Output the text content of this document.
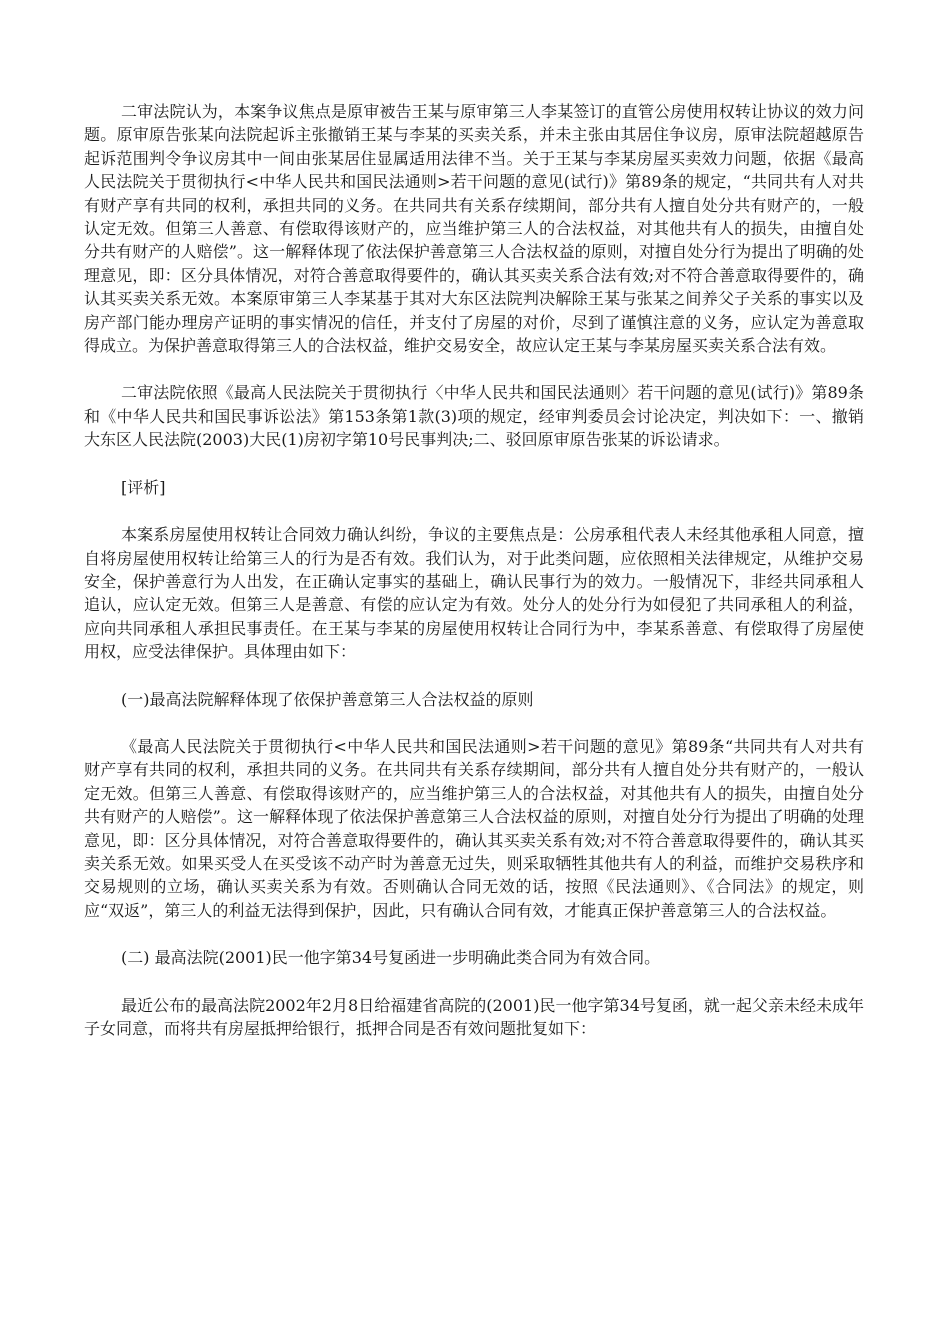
二审法院认为，本案争议焦点是原审被告王某与原审第三人李某签订的直管公房使用权转让协议的效力问题。原审原告张某向法院起诉主张撤销王某与李某的买卖关系，并未主张由其居住争议房，原审法院超越原告起诉范围判令争议房其中一间由张某居住显属适用法律不当。关于王某与李某房屋买卖效力问题，依据《最高人民法院关于贯彻执行<中华人民共和国民法通则>若干问题的意见(试行)》第89条的规定，“共同共有人对共有财产享有共同的权利，承担共同的义务。在共同共有关系存续期间，部分共有人擅自处分共有财产的，一般认定无效。但第三人善意、有偿取得该财产的，应当维护第三人的合法权益，对其他共有人的损失，由擅自处分共有财产的人赔偿”。这一解释体现了依法保护善意第三人合法权益的原则，对擅自处分行为提出了明确的处理意见，即：区分具体情况，对符合善意取得要件的，确认其买卖关系合法有效;对不符合善意取得要件的，确认其买卖关系无效。本案原审第三人李某基于其对大东区法院判决解除王某与张某之间养父子关系的事实以及房产部门能办理房产证明的事实情况的信任，并支付了房屋的对价，尽到了谨慎注意的义务，应认定为善意取得成立。为保护善意取得第三人的合法权益，维护交易安全，故应认定王某与李某房屋买卖关系合法有效。

二审法院依照《最高人民法院关于贯彻执行〈中华人民共和国民法通则〉若干问题的意见(试行)》第89条和《中华人民共和国民事诉讼法》第153条第1款(3)项的规定，经审判委员会讨论决定，判决如下：一、撤销大东区人民法院(2003)大民(1)房初字第10号民事判决;二、驳回原审原告张某的诉讼请求。

[评析]

本案系房屋使用权转让合同效力确认纠纷，争议的主要焦点是：公房承租代表人未经其他承租人同意，擅自将房屋使用权转让给第三人的行为是否有效。我们认为，对于此类问题，应依照相关法律规定，从维护交易安全，保护善意行为人出发，在正确认定事实的基础上，确认民事行为的效力。一般情况下，非经共同承租人追认，应认定无效。但第三人是善意、有偿的应认定为有效。处分人的处分行为如侵犯了共同承租人的利益，应向共同承租人承担民事责任。在王某与李某的房屋使用权转让合同行为中，李某系善意、有偿取得了房屋使用权，应受法律保护。具体理由如下：

(一)最高法院解释体现了依保护善意第三人合法权益的原则

《最高人民法院关于贯彻执行<中华人民共和国民法通则>若干问题的意见》第89条“共同共有人对共有财产享有共同的权利，承担共同的义务。在共同共有关系存续期间，部分共有人擅自处分共有财产的，一般认定无效。但第三人善意、有偿取得该财产的，应当维护第三人的合法权益，对其他共有人的损失，由擅自处分共有财产的人赔偿”。这一解释体现了依法保护善意第三人合法权益的原则，对擅自处分行为提出了明确的处理意见，即：区分具体情况，对符合善意取得要件的，确认其买卖关系有效;对不符合善意取得要件的，确认其买卖关系无效。如果买受人在买受该不动产时为善意无过失，则采取牺牲其他共有人的利益，而维护交易秩序和交易规则的立场，确认买卖关系为有效。否则确认合同无效的话，按照《民法通则》、《合同法》的规定，则应“双返”，第三人的利益无法得到保护，因此，只有确认合同有效，才能真正保护善意第三人的合法权益。

(二) 最高法院(2001)民一他字第34号复函进一步明确此类合同为有效合同。

最近公布的最高法院2002年2月8日给福建省高院的(2001)民一他字第34号复函，就一起父亲未经未成年子女同意，而将共有房屋抵押给银行，抵押合同是否有效问题批复如下：
